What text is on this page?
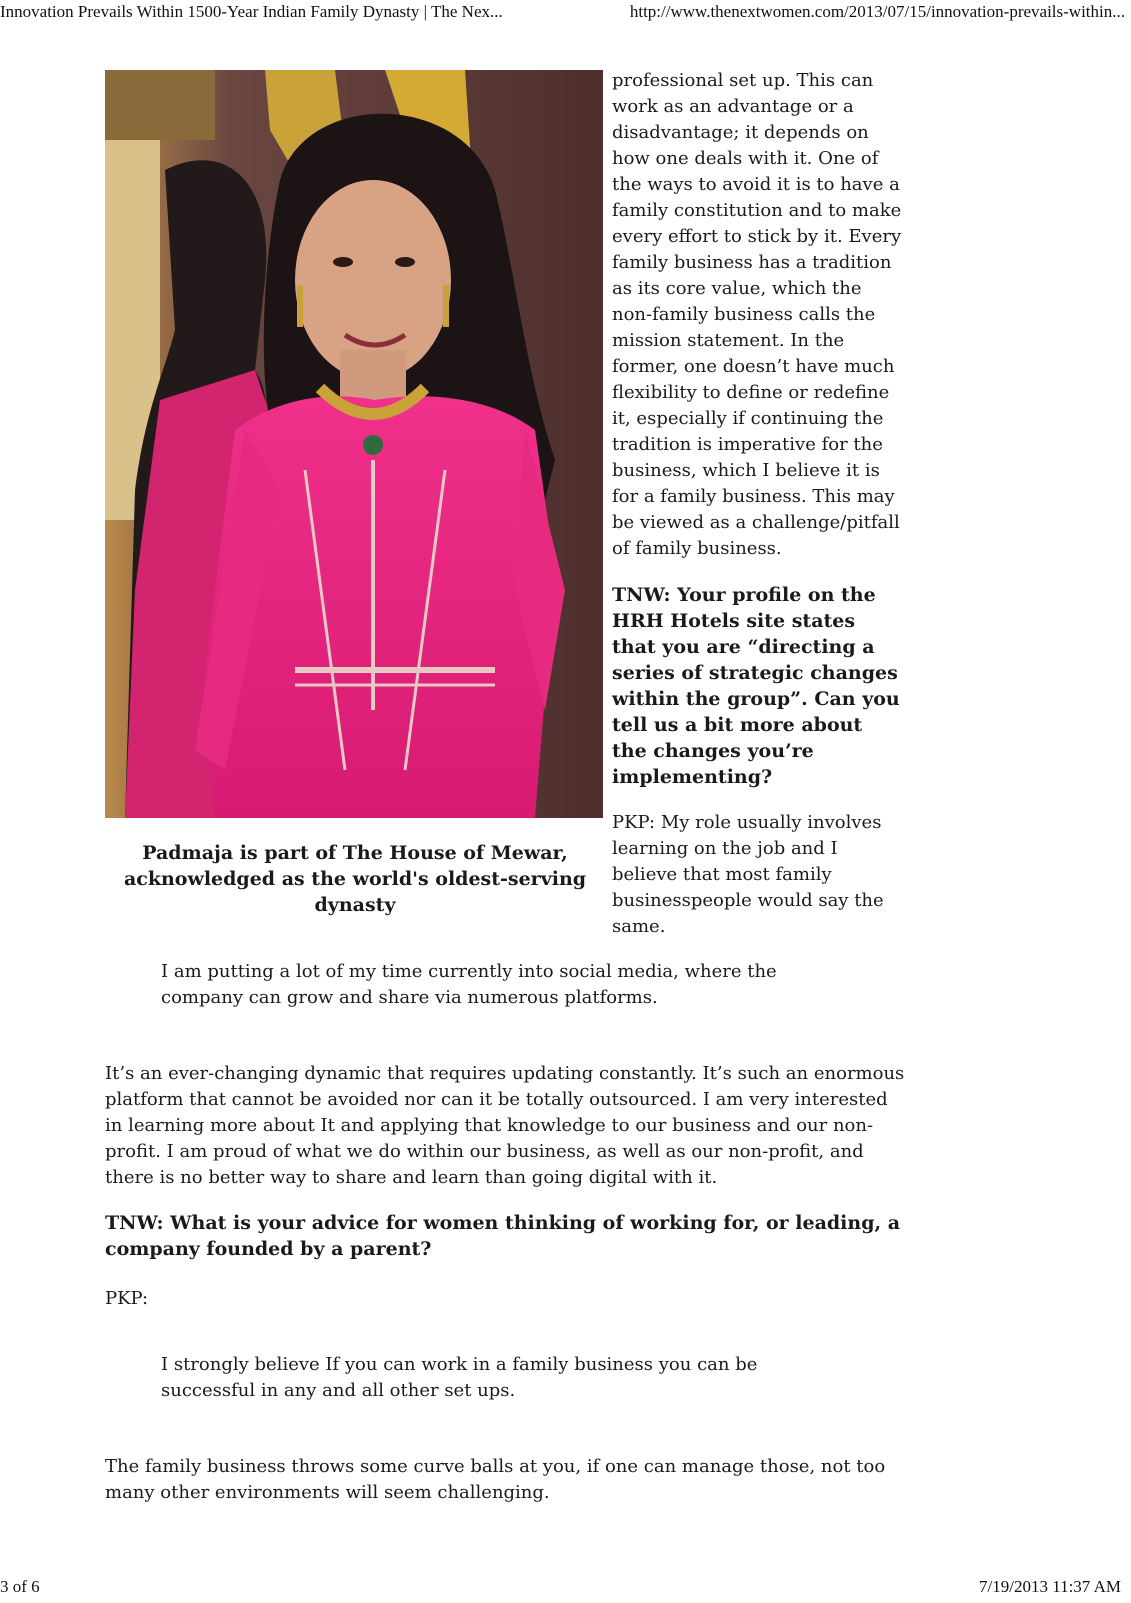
Innovation Prevails Within 1500-Year Indian Family Dynasty | The Nex...	http://www.thenextwomen.com/2013/07/15/innovation-prevails-within...
Padmaja is part of The House of Mewar, acknowledged as the world's oldest-serving dynasty

professional set up. This can work as an advantage or a disadvantage; it depends on how one deals with it. One of the ways to avoid it is to have a family constitution and to make every effort to stick by it. Every family business has a tradition as its core value, which the non-family business calls the mission statement. In the former, one doesn’t have much flexibility to define or redefine it, especially if continuing the tradition is imperative for the business, which I believe it is for a family business. This may be viewed as a challenge/pitfall of family business.

TNW: Your profile on the HRH Hotels site states that you are “directing a series of strategic changes within the group”. Can you tell us a bit more about the changes you’re implementing?

PKP: My role usually involves learning on the job and I believe that most family businesspeople would say the same.

I am putting a lot of my time currently into social media, where the company can grow and share via numerous platforms.

It’s an ever-changing dynamic that requires updating constantly. It’s such an enormous platform that cannot be avoided nor can it be totally outsourced. I am very interested in learning more about It and applying that knowledge to our business and our non-profit. I am proud of what we do within our business, as well as our non-profit, and there is no better way to share and learn than going digital with it.

TNW: What is your advice for women thinking of working for, or leading, a company founded by a parent?

PKP:

I strongly believe If you can work in a family business you can be successful in any and all other set ups.

The family business throws some curve balls at you, if one can manage those, not too many other environments will seem challenging.

3 of 6	7/19/2013 11:37 AM
